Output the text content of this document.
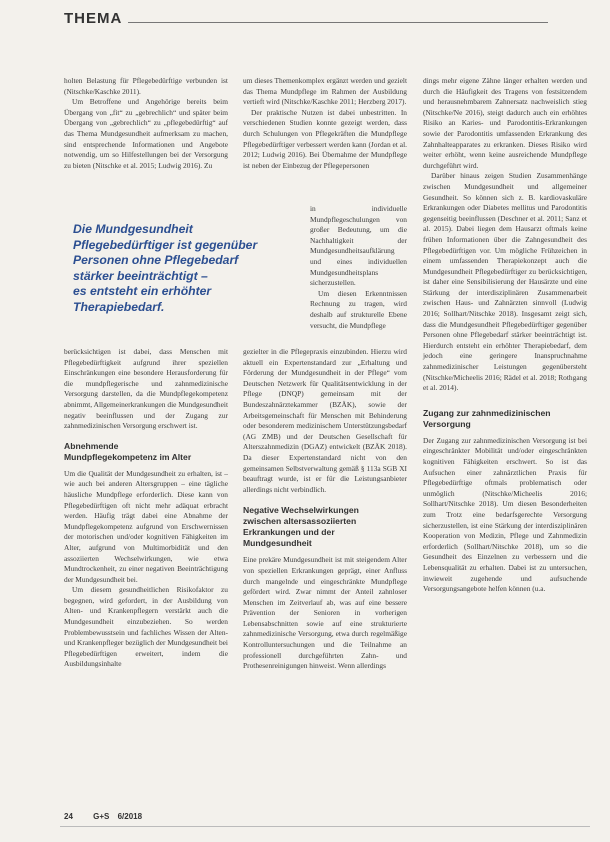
THEMA

holten Belastung für Pflegebedürftige verbunden ist (Nitschke/Kaschke 2011).

Um Betroffene und Angehörige bereits beim Übergang von „fit“ zu „gebrechlich“ und später beim Übergang von „gebrechlich“ zu „pflegebedürftig“ auf das Thema Mundgesundheit aufmerksam zu machen, sind entsprechende Informationen und Angebote notwendig, um so Hilfestellungen bei der Versorgung zu bieten (Nitschke et al. 2015; Ludwig 2016). Zu

Die Mundgesundheit
Pflegebedürftiger ist gegenüber
Personen ohne Pflegebedarf
stärker beeinträchtigt –
es entsteht ein erhöhter
Therapiebedarf.

berücksichtigen ist dabei, dass Menschen mit Pflegebedürftigkeit aufgrund ihrer speziellen Einschränkungen eine besondere Herausforderung für die mundpflegerische und zahnmedizinische Versorgung darstellen, da die Mundpflegekompetenz abnimmt, Allgemeinerkrankungen die Mundgesundheit negativ beeinflussen und der Zugang zur zahnmedizinischen Versorgung erschwert ist.

Abnehmende
Mundpflegekompetenz im Alter

Um die Qualität der Mundgesundheit zu erhalten, ist – wie auch bei anderen Altersgruppen – eine tägliche häusliche Mundpflege erforderlich. Diese kann von Pflegebedürftigen oft nicht mehr adäquat erbracht werden. Häufig trägt dabei eine Abnahme der Mundpflegekompetenz aufgrund von Erschwernissen der motorischen und/oder kognitiven Fähigkeiten im Alter, aufgrund von Multimorbidität und den assoziierten Wechselwirkungen, wie etwa Mundtrockenheit, zu einer negativen Beeinträchtigung der Mundgesundheit bei.

Um diesem gesundheitlichen Risikofaktor zu begegnen, wird gefordert, in der Ausbildung von Alten- und Krankenpflegern verstärkt auch die Mundgesundheit einzubeziehen. So werden Problembewusstsein und fachliches Wissen der Alten- und Krankenpfleger bezüglich der Mundgesundheit bei Pflegebedürftigen erweitert, indem die Ausbildungsinhalte

um dieses Themenkomplex ergänzt werden und gezielt das Thema Mundpflege im Rahmen der Ausbildung vertieft wird (Nitschke/Kaschke 2011; Herzberg 2017).

Der praktische Nutzen ist dabei unbestritten. In verschiedenen Studien konnte gezeigt werden, dass durch Schulungen von Pflegekräften die Mundpflege Pflegebedürftiger verbessert werden kann (Jordan et al. 2012; Ludwig 2016). Bei Übernahme der Mundpflege ist neben der Einbezug der Pflegepersonen

in individuelle Mundpflegeschulungen von großer Bedeutung, um die Nachhaltigkeit der Mundgesundheitsaufklärung und eines individuellen Mundgesundheitsplans sicherzustellen.

Um diesen Erkenntnissen Rechnung zu tragen, wird deshalb auf strukturelle Ebene versucht, die Mundpflege

gezielter in die Pflegepraxis einzubinden. Hierzu wird aktuell ein Expertenstandard zur „Erhaltung und Förderung der Mundgesundheit in der Pflege“ vom Deutschen Netzwerk für Qualitätsentwicklung in der Pflege (DNQP) gemeinsam mit der Bundeszahnärztekammer (BZÄK), sowie der Arbeitsgemeinschaft für Menschen mit Behinderung oder besonderem medizinischem Unterstützungsbedarf (AG ZMB) und der Deutschen Gesellschaft für Alterszahnmedizin (DGAZ) entwickelt (BZÄK 2018). Da dieser Expertenstandard nicht von den gemeinsamen Selbstverwaltung gemäß § 113a SGB XI beauftragt wurde, ist er für die Leistungsanbieter allerdings nicht verbindlich.

Negative Wechselwirkungen
zwischen altersassoziierten
Erkrankungen und der
Mundgesundheit

Eine prekäre Mundgesundheit ist mit steigendem Alter von speziellen Erkrankungen geprägt, einer Anfluss durch mangelnde und eingeschränkte Mundpflege gefördert wird. Zwar nimmt der Anteil zahnloser Menschen im Zeitverlauf ab, was auf eine bessere Prävention der Senioren in vorherigen Lebensabschnitten sowie auf eine strukturierte zahnmedizinische Versorgung, etwa durch regelmäßige Kontrolluntersuchungen und die Teilnahme an professionell durchgeführten Zahn- und Prothesenreinigungen hinweist. Wenn allerdings

dings mehr eigene Zähne länger erhalten werden und durch die Häufigkeit des Tragens von festsitzendem und herausnehmbarem Zahnersatz nachweislich stieg (Nitschke/Ne 2016), steigt dadurch auch ein erhöhtes Risiko an Karies- und Parodontitis-Erkrankungen sowie der Parodontitis umfassenden Erkrankung des Zahnhalteapparates zu erkranken. Dieses Risiko wird weiter erhöht, wenn keine ausreichende Mundpflege durchgeführt wird.

Darüber hinaus zeigen Studien Zusammenhänge zwischen Mundgesundheit und allgemeiner Gesundheit. So können sich z. B. kardiovaskuläre Erkrankungen oder Diabetes mellitus und Parodontitis gegenseitig beeinflussen (Deschner et al. 2011; Sanz et al. 2015). Dabei liegen dem Hausarzt oftmals keine frühen Informationen über die Zahngesundheit des Pflegebedürftigen vor. Um mögliche Frühzeichen in einem umfassenden Therapiekonzept auch die Mundgesundheit Pflegebedürftiger zu berücksichtigen, ist daher eine Sensibilisierung der Hausärzte und eine Stärkung der interdisziplinären Zusammenarbeit zwischen Haus- und Zahnärzten sinnvoll (Ludwig 2016; Sollhart/Nitschke 2018). Insgesamt zeigt sich, dass die Mundgesundheit Pflegebedürftiger gegenüber Personen ohne Pflegebedarf stärker beeinträchtigt ist. Hierdurch entsteht ein erhöhter Therapiebedarf, dem jedoch eine geringere Inanspruchnahme zahnmedizinischer Leistungen gegenübersteht (Nitschke/Micheelis 2016; Rädel et al. 2018; Rothgang et al. 2014).

Zugang zur zahnmedizinischen
Versorgung

Der Zugang zur zahnmedizinischen Versorgung ist bei eingeschränkter Mobilität und/oder eingeschränkten kognitiven Fähigkeiten erschwert. So ist das Aufsuchen einer zahnärztlichen Praxis für Pflegebedürftige oftmals problematisch oder unmöglich (Nitschke/Micheelis 2016; Sollhart/Nitschke 2018). Um diesen Besonderheiten zum Trotz eine bedarfsgerechte Versorgung sicherzustellen, ist eine Stärkung der interdisziplinären Kooperation von Medizin, Pflege und Zahnmedizin erforderlich (Sollhart/Nitschke 2018), um so die Gesundheit des Einzelnen zu verbessern und die Lebensqualität zu erhalten. Dabei ist zu untersuchen, inwieweit zugehende und aufsuchende Versorgungsangebote helfen können (u.a.

24	G+S 6/2018
